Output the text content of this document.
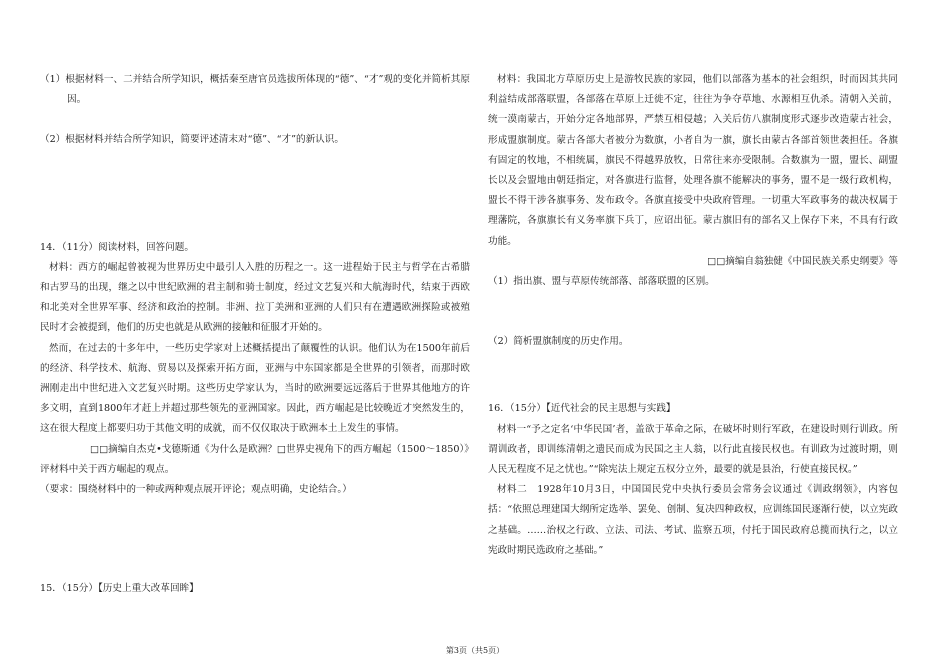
（1）根据材料一、二并结合所学知识，概括秦至唐官员选拔所体现的“德”、“才”观的变化并简析其原因。

（2）根据材料并结合所学知识，简要评述清末对“德”、“才”的新认识。

14．（11分）阅读材料，回答问题。

材料：西方的崛起曾被视为世界历史中最引人入胜的历程之一。这一进程始于民主与哲学在古希腊和古罗马的出现，继之以中世纪欧洲的君主制和骑士制度，经过文艺复兴和大航海时代，结束于西欧和北美对全世界军事、经济和政治的控制。非洲、拉丁美洲和亚洲的人们只有在遭遇欧洲探险或被殖民时才会被提到，他们的历史也就是从欧洲的接触和征服才开始的。

然而，在过去的十多年中，一些历史学家对上述概括提出了颠覆性的认识。他们认为在1500年前后的经济、科学技术、航海、贸易以及探索开拓方面，亚洲与中东国家都是全世界的引领者，而那时欧洲刚走出中世纪进入文艺复兴时期。这些历史学家认为，当时的欧洲要远远落后于世界其他地方的许多文明，直到1800年才赶上并超过那些领先的亚洲国家。因此，西方崛起是比较晚近才突然发生的，这在很大程度上都要归功于其他文明的成就，而不仅仅取决于欧洲本土上发生的事情。

□□摘编自杰克•戈德斯通《为什么是欧洲？□世界史视角下的西方崛起（1500～1850）》

评材料中关于西方崛起的观点。

（要求：围绕材料中的一种或两种观点展开评论；观点明确，史论结合。）

15．（15分）【历史上重大改革回眸】

材料：我国北方草原历史上是游牧民族的家园，他们以部落为基本的社会组织，时而因其共同利益结成部落联盟，各部落在草原上迁徙不定，往往为争夺草地、水源相互仇杀。清朝入关前，统一漠南蒙古，开始分定各地部界，严禁互相侵越；入关后仿八旗制度形式逐步改造蒙古社会，形成盟旗制度。蒙古各部大者被分为数旗，小者自为一旗，旗长由蒙古各部首领世袭担任。各旗有固定的牧地，不相统属，旗民不得越界放牧，日常往来亦受限制。合数旗为一盟，盟长、副盟长以及会盟地由朝廷指定，对各旗进行监督，处理各旗不能解决的事务，盟不是一级行政机构，盟长不得干涉各旗事务、发布政令。各旗直接受中央政府管理。一切重大军政事务的裁决权属于理藩院，各旗旗长有义务率旗下兵丁，应诏出征。蒙古旗旧有的部名又上保存下来，不具有行政功能。

□□摘编自翁独健《中国民族关系史纲要》等

（1）指出旗、盟与草原传统部落、部落联盟的区别。

（2）简析盟旗制度的历史作用。

16．（15分）【近代社会的民主思想与实践】

材料一“予之定名‘中华民国’者，盖欲于革命之际，在破坏时则行军政，在建设时则行训政。所谓训政者，即训练清朝之遗民而成为民国之主人翁，以行此直接民权也。有训政为过渡时期，则人民无程度不足之忧也。”“除宪法上规定五权分立外，最要的就是县治，行使直接民权。”

材料二　1928年10月3日，中国国民党中央执行委员会常务会议通过《训政纲领》，内容包括：“依照总理建国大纲所定选举、罢免、创制、复决四种政权，应训练国民逐渐行使，以立宪政之基础。……治权之行政、立法、司法、考试、监察五项，付托于国民政府总揽而执行之，以立宪政时期民选政府之基础。”

第3页（共5页）
